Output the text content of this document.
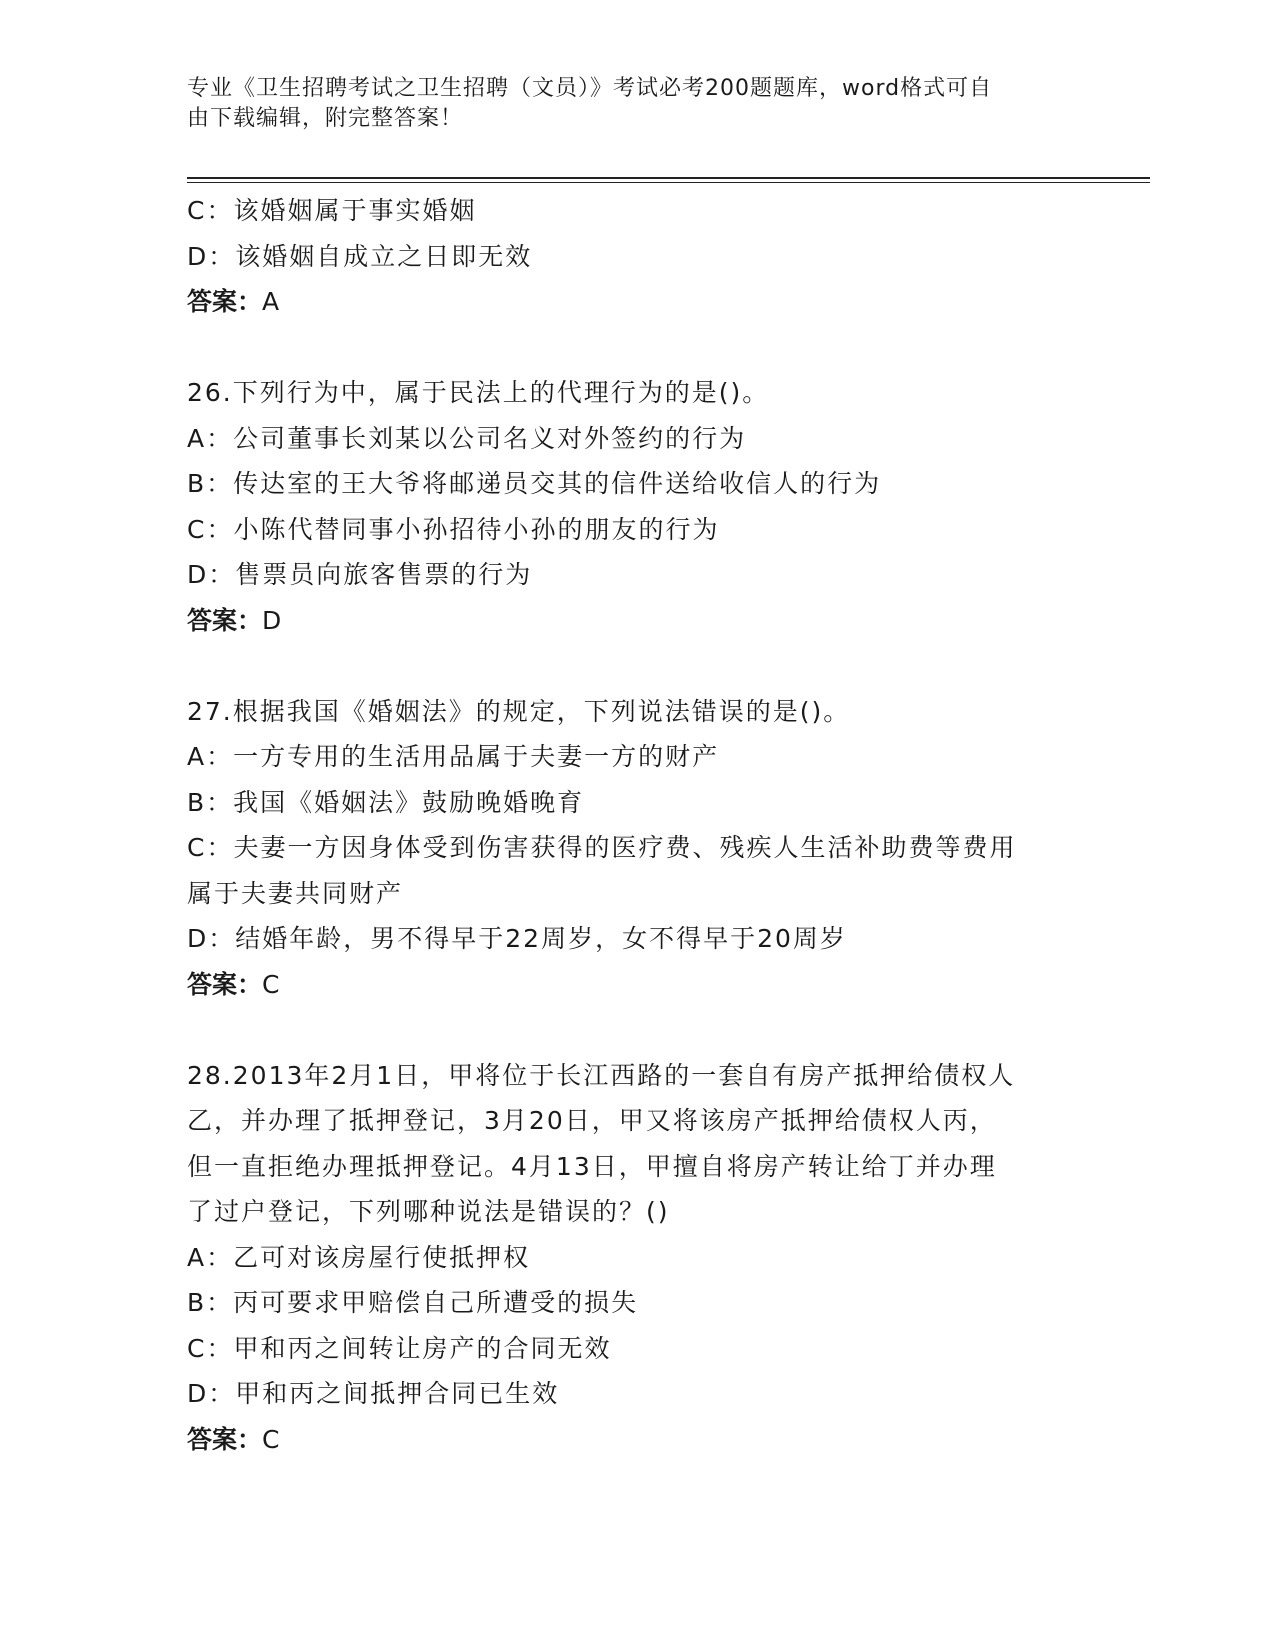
专业《卫生招聘考试之卫生招聘（文员）》考试必考200题题库，word格式可自
由下载编辑，附完整答案！
C：该婚姻属于事实婚姻
D：该婚姻自成立之日即无效
答案：A
26.下列行为中，属于民法上的代理行为的是()。
A：公司董事长刘某以公司名义对外签约的行为
B：传达室的王大爷将邮递员交其的信件送给收信人的行为
C：小陈代替同事小孙招待小孙的朋友的行为
D：售票员向旅客售票的行为
答案：D
27.根据我国《婚姻法》的规定，下列说法错误的是()。
A：一方专用的生活用品属于夫妻一方的财产
B：我国《婚姻法》鼓励晚婚晚育
C：夫妻一方因身体受到伤害获得的医疗费、残疾人生活补助费等费用
属于夫妻共同财产
D：结婚年龄，男不得早于22周岁，女不得早于20周岁
答案：C
28.2013年2月1日，甲将位于长江西路的一套自有房产抵押给债权人
乙，并办理了抵押登记，3月20日，甲又将该房产抵押给债权人丙，
但一直拒绝办理抵押登记。4月13日，甲擅自将房产转让给丁并办理
了过户登记，下列哪种说法是错误的？()
A：乙可对该房屋行使抵押权
B：丙可要求甲赔偿自己所遭受的损失
C：甲和丙之间转让房产的合同无效
D：甲和丙之间抵押合同已生效
答案：C
